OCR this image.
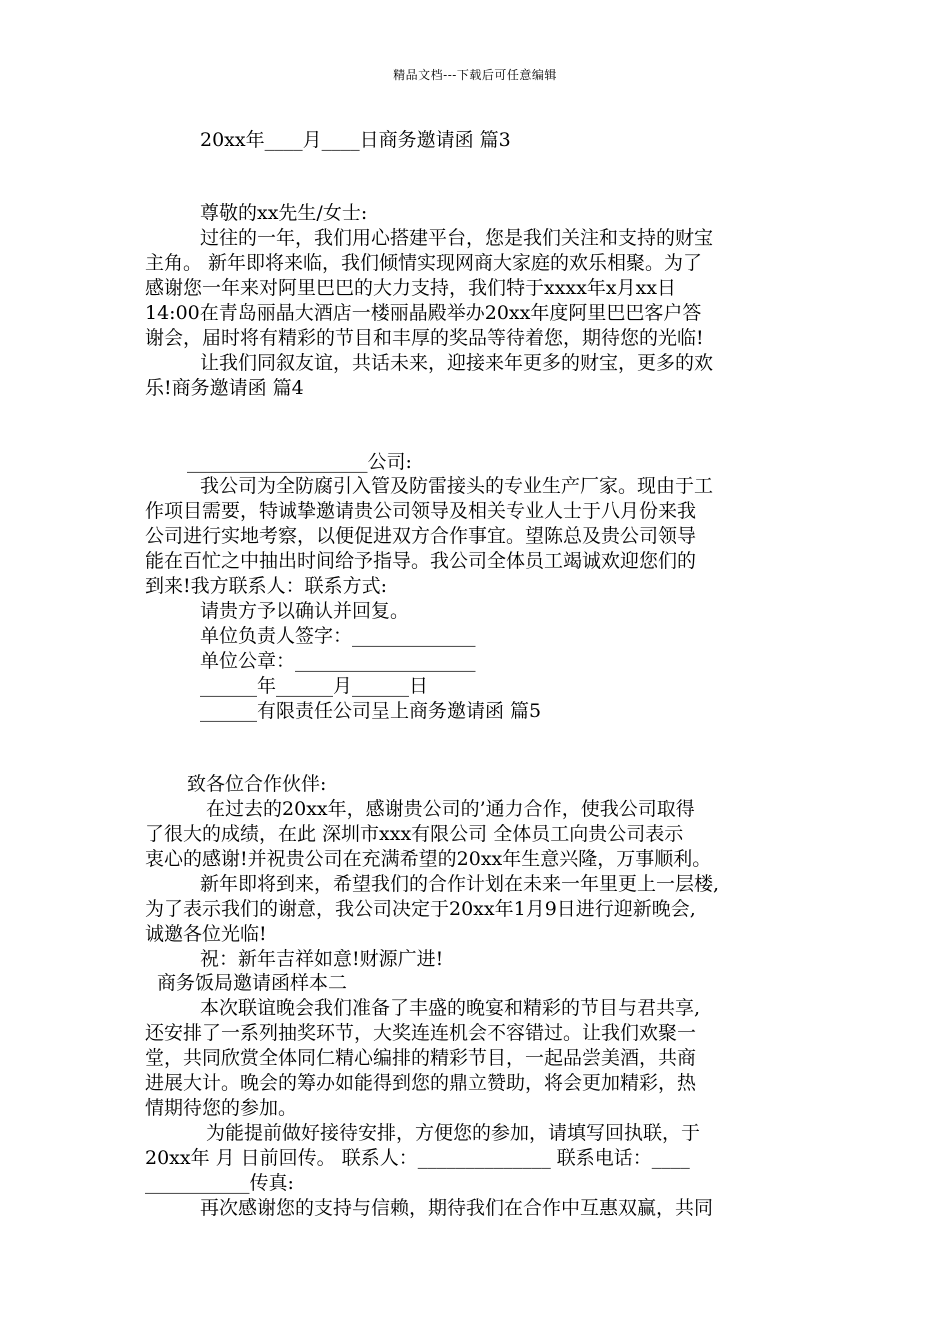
精品文档---下载后可任意编辑

20xx年____月____日商务邀请函 篇3

尊敬的xx先生/女士:

过往的一年，我们用心搭建平台，您是我们关注和支持的财宝

主角。 新年即将来临，我们倾情实现网商大家庭的欢乐相聚。为了

感谢您一年来对阿里巴巴的大力支持，我们特于xxxx年x月xx日

14:00在青岛丽晶大酒店一楼丽晶殿举办20xx年度阿里巴巴客户答

谢会，届时将有精彩的节目和丰厚的奖品等待着您，期待您的光临!

让我们同叙友谊，共话未来，迎接来年更多的财宝，更多的欢

乐!商务邀请函 篇4

___________________公司:

我公司为全防腐引入管及防雷接头的专业生产厂家。现由于工

作项目需要，特诚挚邀请贵公司领导及相关专业人士于八月份来我

公司进行实地考察，以便促进双方合作事宜。望陈总及贵公司领导

能在百忙之中抽出时间给予指导。我公司全体员工竭诚欢迎您们的

到来!我方联系人：联系方式:

请贵方予以确认并回复。

单位负责人签字：_____________

单位公章：___________________

______年______月______日

______有限责任公司呈上商务邀请函 篇5

致各位合作伙伴:

在过去的20xx年，感谢贵公司的’通力合作，使我公司取得

了很大的成绩，在此 深圳市xxx有限公司 全体员工向贵公司表示

衷心的感谢!并祝贵公司在充满希望的20xx年生意兴隆，万事顺利。

新年即将到来，希望我们的合作计划在未来一年里更上一层楼,

为了表示我们的谢意，我公司决定于20xx年1月9日进行迎新晚会,

诚邀各位光临!

祝：新年吉祥如意!财源广进!

商务饭局邀请函样本二

本次联谊晚会我们准备了丰盛的晚宴和精彩的节目与君共享,

还安排了一系列抽奖环节，大奖连连机会不容错过。让我们欢聚一

堂，共同欣赏全体同仁精心编排的精彩节目，一起品尝美酒，共商

进展大计。晚会的筹办如能得到您的鼎立赞助，将会更加精彩，热

情期待您的参加。

为能提前做好接待安排，方便您的参加，请填写回执联，于

20xx年 月 日前回传。 联系人：______________ 联系电话：____

___________传真:

再次感谢您的支持与信赖，期待我们在合作中互惠双赢，共同
